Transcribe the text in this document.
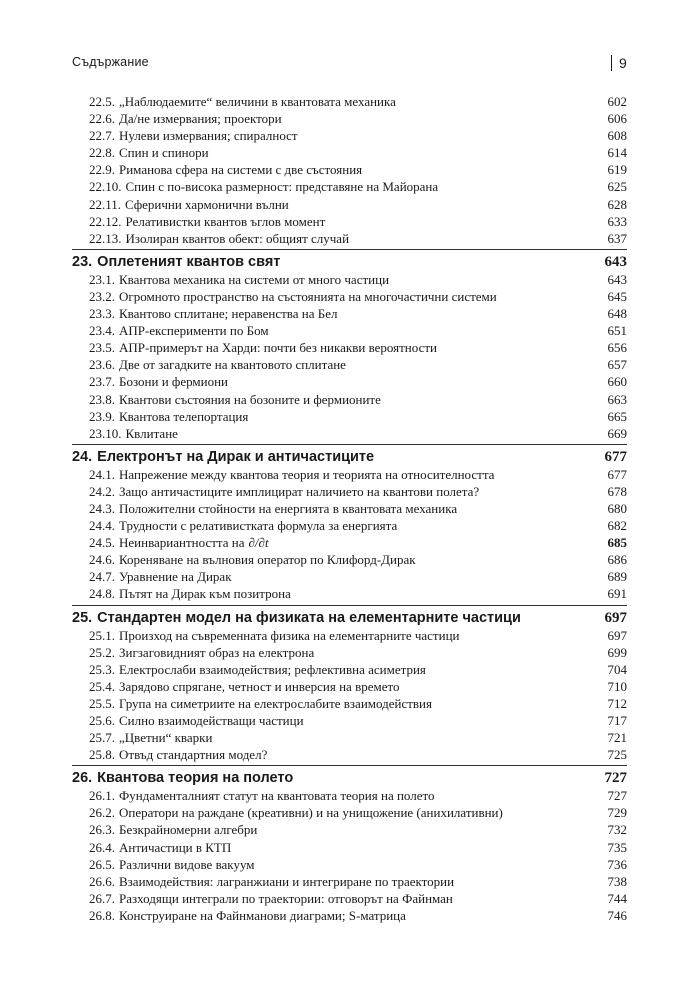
Съдържание	9
22.5. „Наблюдаемите“ величини в квантовата механика	602
22.6. Да/не измервания; проектори	606
22.7. Нулеви измервания; спиралност	608
22.8. Спин и спинори	614
22.9. Риманова сфера на системи с две състояния	619
22.10. Спин с по-висока размерност: представяне на Майорана	625
22.11. Сферични хармонични вълни	628
22.12. Релативистки квантов ъглов момент	633
22.13. Изолиран квантов обект: общият случай	637
23. Оплетеният квантов свят	643
23.1. Квантова механика на системи от много частици	643
23.2. Огромното пространство на състоянията на многочастични системи	645
23.3. Квантово сплитане; неравенства на Бел	648
23.4. АПР-експерименти по Бом	651
23.5. АПР-примерът на Харди: почти без никакви вероятности	656
23.6. Две от загадките на квантовото сплитане	657
23.7. Бозони и фермиони	660
23.8. Квантови състояния на бозоните и фермионите	663
23.9. Квантова телепортация	665
23.10. Квлитане	669
24. Електронът на Дирак и античастиците	677
24.1. Напрежение между квантова теория и теорията на относителността	677
24.2. Защо античастиците имплицират наличието на квантови полета?	678
24.3. Положителни стойности на енергията в квантовата механика	680
24.4. Трудности с релативистката формула за енергията	682
24.5. Неинвариантността на ∂/∂t	685
24.6. Кореняване на вълновия оператор по Клифорд-Дирак	686
24.7. Уравнение на Дирак	689
24.8. Пътят на Дирак към позитрона	691
25. Стандартен модел на физиката на елементарните частици	697
25.1. Произход на съвременната физика на елементарните частици	697
25.2. Зигзаговидният образ на електрона	699
25.3. Електрослаби взаимодействия; рефлективна асиметрия	704
25.4. Зарядово спрягане, четност и инверсия на времето	710
25.5. Група на симетриите на електрослабите взаимодействия	712
25.6. Силно взаимодействащи частици	717
25.7. „Цветни“ кварки	721
25.8. Отвъд стандартния модел?	725
26. Квантова теория на полето	727
26.1. Фундаменталният статут на квантовата теория на полето	727
26.2. Оператори на раждане (креативни) и на унищожение (анихилативни)	729
26.3. Безкрайномерни алгебри	732
26.4. Античастици в КТП	735
26.5. Различни видове вакуум	736
26.6. Взаимодействия: лагранжиани и интегриране по траектории	738
26.7. Разходящи интеграли по траектории: отговорът на Файнман	744
26.8. Конструиране на Файнманови диаграми; S-матрица	746
